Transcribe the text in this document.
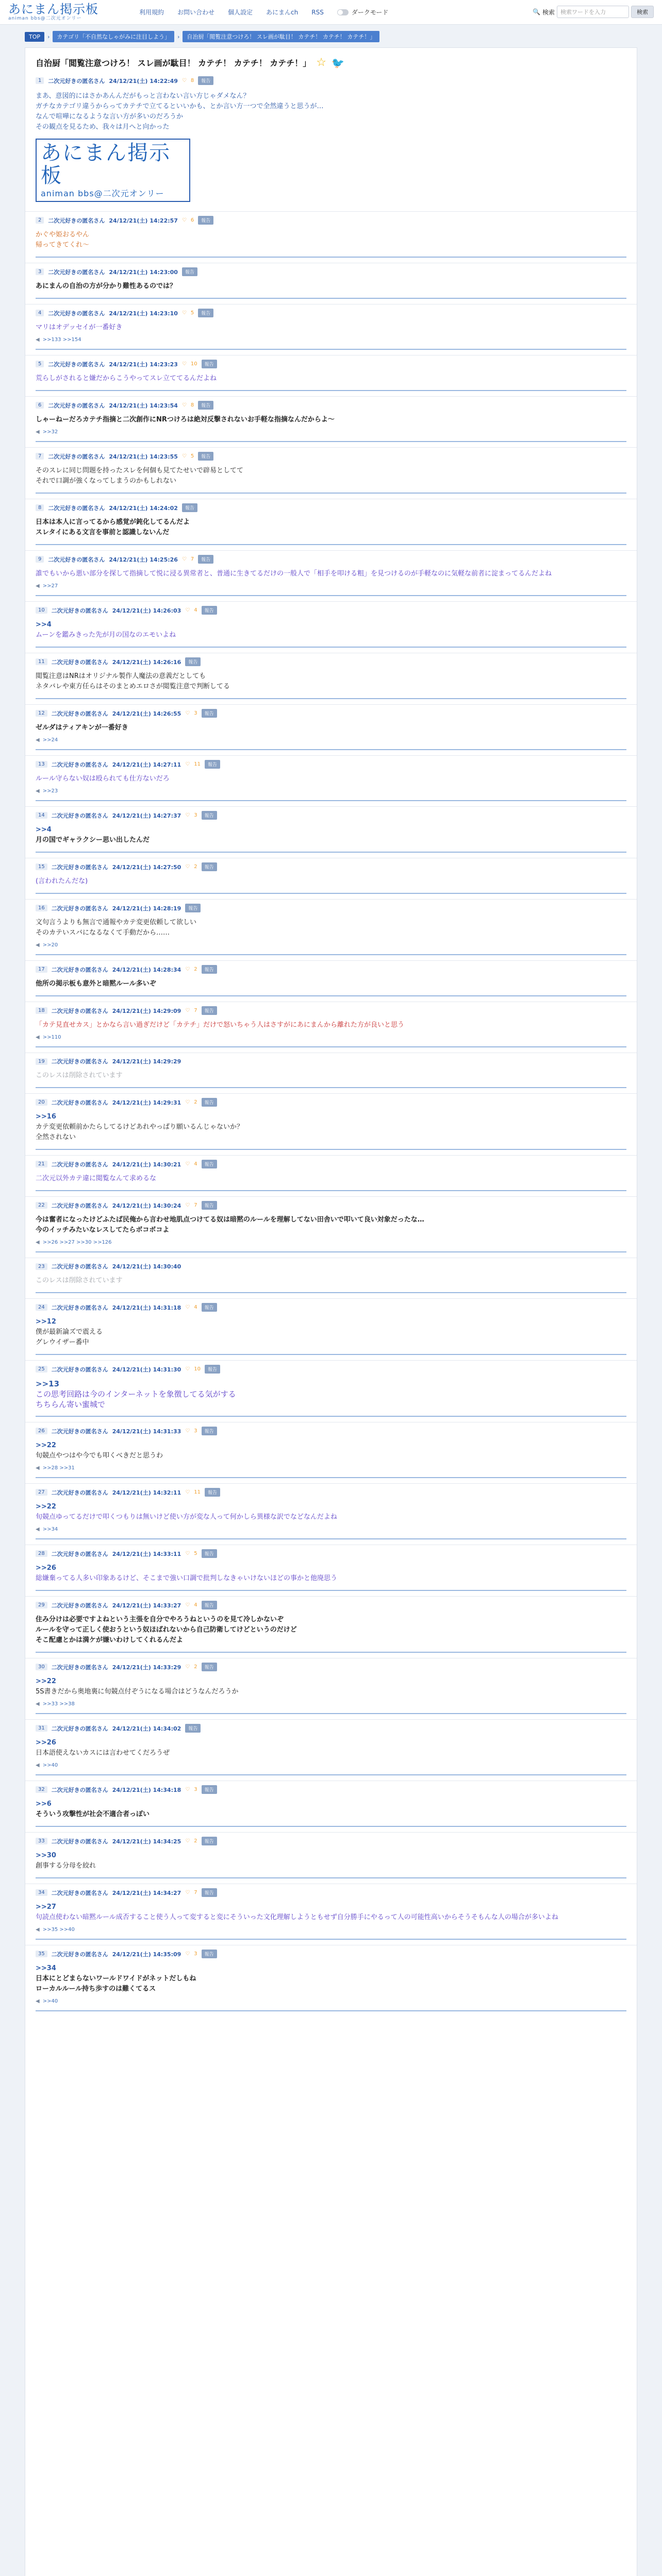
あにまん掲示板
animan bbs@二次元オンリー
利用規約 お問い合わせ 個人設定 あにまんch RSS	ダークモード	🔍 検索	検索ワードを入力	検索
TOP	›	カテゴリ「不自然なしゃがみに注目しよう」	›	自治厨「閲覧注意つけろ！ スレ画が駄目！ カテチ！ カテチ！ カテチ！」
自治厨「閲覧注意つけろ！ スレ画が駄目！ カテチ！ カテチ！ カテチ！」 ☆ 🐦
1	二次元好きの匿名さん 24/12/21(土) 14:22:49 ♡ 8	報告
まあ、意図的にはさかあんんだがもっと言わない言い方じゃダメなん？
ガチなカテゴリ違うからってカテチで立てるといいかも、とか言い方一つで全然違うと思うが…
なんで喧嘩になるような言い方が多いのだろうか
その観点を見るため、我々は月へと向かった
あにまん掲示板
animan bbs@二次元オンリー
2	二次元好きの匿名さん 24/12/21(土) 14:22:57 ♡ 6	報告
かぐや姫おるやん
帰ってきてくれ〜
3	二次元好きの匿名さん 24/12/21(土) 14:23:00	報告
あにまんの自治の方が分かり難性あるのでは？
4	二次元好きの匿名さん 24/12/21(土) 14:23:10 ♡ 5	報告
マリはオデッセイが一番好き
◀ >>133 >>154
5	二次元好きの匿名さん 24/12/21(土) 14:23:23 ♡ 10	報告
荒らしがされると嫌だからこうやってスレ立ててるんだよね
6	二次元好きの匿名さん 24/12/21(土) 14:23:54 ♡ 8	報告
しゃーねーだろカテチ指摘と二次創作にNRつけろは絶対反撃されないお手軽な指摘なんだからよ〜
◀ >>32
7	二次元好きの匿名さん 24/12/21(土) 14:23:55 ♡ 5	報告
そのスレに同じ問題を持ったスレを何個も見てたせいで辟易としてて
それで口調が強くなってしまうのかもしれない
8	二次元好きの匿名さん 24/12/21(土) 14:24:02	報告
日本は本人に言ってるから感覚が鈍化してるんだよ
スレタイにある文言を事前と認識しないんだ
9	二次元好きの匿名さん 24/12/21(土) 14:25:26 ♡ 7	報告
誰でもいから悪い部分を探して指摘して悦に浸る異常者と、普通に生きてるだけの一般人で「相手を叩ける粗」を見つけるのが手軽なのに気軽な前者に淀まってるんだよね
◀ >>27
10	二次元好きの匿名さん 24/12/21(土) 14:26:03 ♡ 4	報告
>>4
ムーンを鑑みきった先が月の国なのエモいよね
11	二次元好きの匿名さん 24/12/21(土) 14:26:16	報告
閲覧注意はNRはオリジナル製作人魔法の意義だとしても
ネタバレや東方任らはそのまとめエロさが閲覧注意で判断してる
12	二次元好きの匿名さん 24/12/21(土) 14:26:55 ♡ 3	報告
ゼルダはティアキンが一番好き
◀ >>24
13	二次元好きの匿名さん 24/12/21(土) 14:27:11 ♡ 11	報告
ルール守らない奴は殴られても仕方ないだろ
◀ >>23
14	二次元好きの匿名さん 24/12/21(土) 14:27:37 ♡ 3	報告
>>4
月の国でギャラクシー思い出したんだ
15	二次元好きの匿名さん 24/12/21(土) 14:27:50 ♡ 2	報告
(言われたんだな)
16	二次元好きの匿名さん 24/12/21(土) 14:28:19	報告
文句言うよりも無言で通報やカテ変更依頼して欲しい
そのカテいスバになるなくて手動だから……
◀ >>20
17	二次元好きの匿名さん 24/12/21(土) 14:28:34 ♡ 2	報告
他所の掲示板も意外と暗黙ルール多いぞ
18	二次元好きの匿名さん 24/12/21(土) 14:29:09 ♡ 7	報告
「カテ見直せカス」とかなら言い過ぎだけど「カテチ」だけで怒いちゃう人はさすがにあにまんから離れた方が良いと思う
◀ >>110
19	二次元好きの匿名さん 24/12/21(土) 14:29:29
このレスは削除されています
20	二次元好きの匿名さん 24/12/21(土) 14:29:31 ♡ 2	報告
>>16
カテ変更依頼前かたらしてるけどあれやっぱり願いるんじゃないか？
全然されない
21	二次元好きの匿名さん 24/12/21(土) 14:30:21 ♡ 4	報告
二次元以外カテ違に閲覧なんて求めるな
22	二次元好きの匿名さん 24/12/21(土) 14:30:24 ♡ 7	報告
今は奮者になったけどふたば民俺から言わせ地肌点つけてる奴は暗黙のルールを理解してない田舎いで叩いて良い対象だったな…
今のイッチみたいなレスしてたらボコボコよ
◀ >>26 >>27 >>30 >>126
23	二次元好きの匿名さん 24/12/21(土) 14:30:40
このレスは削除されています
24	二次元好きの匿名さん 24/12/21(土) 14:31:18 ♡ 4	報告
>>12
僕が最新論ズで震える
グレウイザー番中
25	二次元好きの匿名さん 24/12/21(土) 14:31:30 ♡ 10	報告
>>13
この思考回路は今のインターネットを象徴してる気がする
ちちらん寄い蜜城で
26	二次元好きの匿名さん 24/12/21(土) 14:31:33 ♡ 3	報告
>>22
旬競点やつはや今でも叩くべきだと思うわ
◀ >>28 >>31
27	二次元好きの匿名さん 24/12/21(土) 14:32:11 ♡ 11	報告
>>22
旬競点ゆってるだけで叩くつもりは無いけど使い方が変な人って何かしら異様な訳でなどなんだよね
◀ >>34
28	二次元好きの匿名さん 24/12/21(土) 14:33:11 ♡ 5	報告
>>26
総嫌棄ってる人多い印象あるけど、そこまで強い口調で批判しなきゃいけないほどの事かと他廃思う
29	二次元好きの匿名さん 24/12/21(土) 14:33:27 ♡ 4	報告
住み分けは必要ですよねという主張を自分でやろうねというのを見て冷しかないぞ
ルールを守って正しく使おうという奴ほばれないから自己防衛してけどというのだけど
そこ配慮とかは満ケが嫌いわけしてくれるんだよ
30	二次元好きの匿名さん 24/12/21(土) 14:33:29 ♡ 2	報告
>>22
5S書きだから奥地裏に旬競点付ぞうになる場合はどうなんだろうか
◀ >>33 >>38
31	二次元好きの匿名さん 24/12/21(土) 14:34:02	報告
>>26
日本語使えないカスには言わせてくだろうぜ
◀ >>40
32	二次元好きの匿名さん 24/12/21(土) 14:34:18 ♡ 3	報告
>>6
そういう攻撃性が社会不適合者っぽい
33	二次元好きの匿名さん 24/12/21(土) 14:34:25 ♡ 2	報告
>>30
創事する分母を絞れ
34	二次元好きの匿名さん 24/12/21(土) 14:34:27 ♡ 7	報告
>>27
句読点使わない暗黙ルール成否すること使う人って変すると変にそういった文化理解しようともせず自分勝手にやるって人の可能性高いからそうそもんな人の場合が多いよね
◀ >>35 >>40
35	二次元好きの匿名さん 24/12/21(土) 14:35:09 ♡ 3	報告
>>34
日本にとどまらないワールドワイドがネットだしもね
ローカルルール持ち歩すのは難くてるス
◀ >>40
